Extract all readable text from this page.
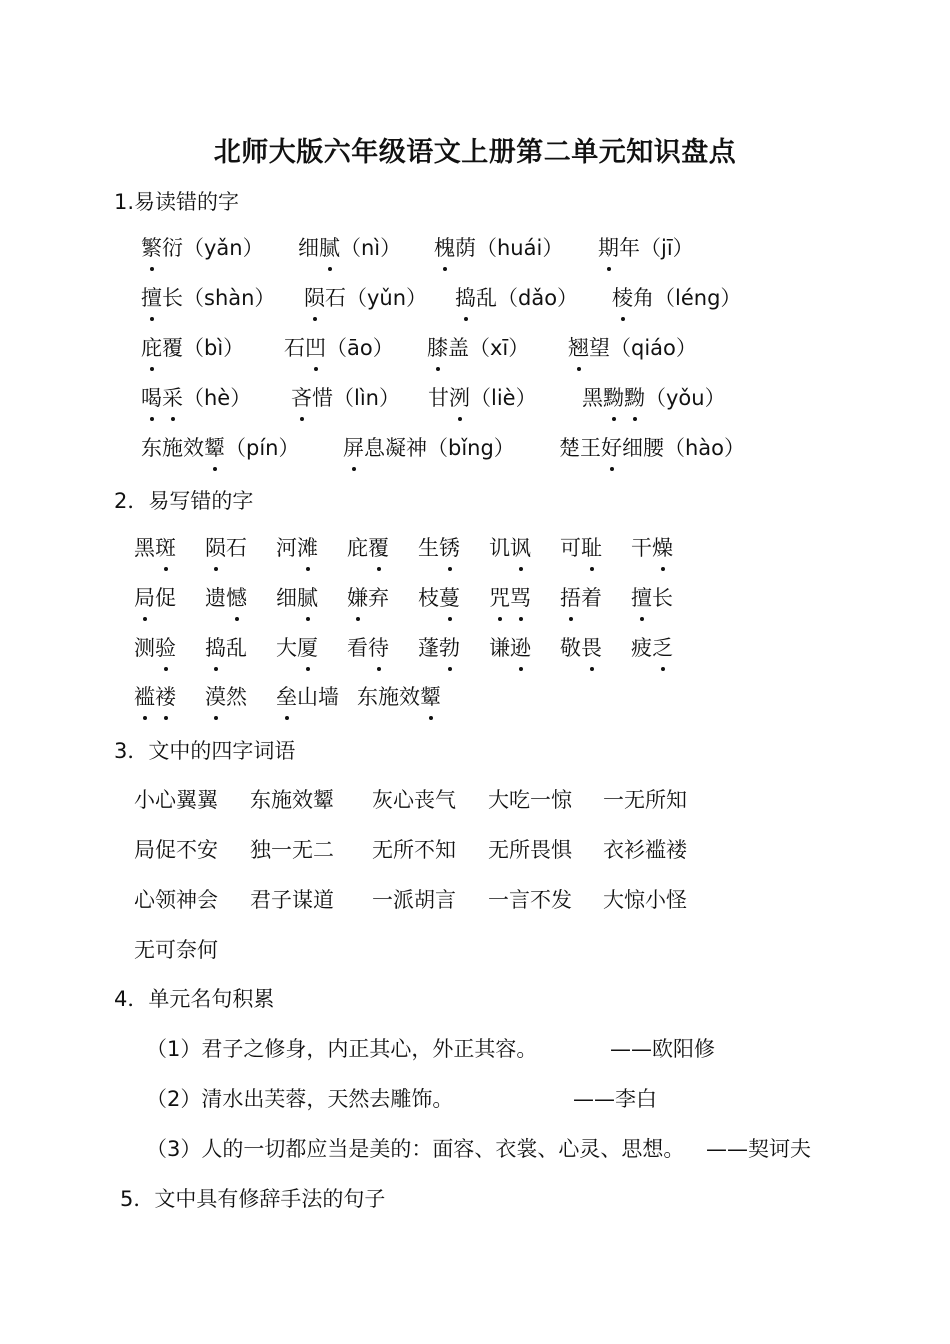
北师大版六年级语文上册第二单元知识盘点
1.易读错的字
繁衍（yǎn） 细腻（nì） 槐荫（huái） 期年（jī）
擅长（shàn） 陨石（yǔn） 捣乱（dǎo） 棱角（léng）
庇覆（bì） 石凹（āo） 膝盖（xī） 翘望（qiáo）
喝采（hè） 吝惜（lìn） 甘洌（liè） 黑黝黝（yǒu）
东施效颦（pín） 屏息凝神（bǐng） 楚王好细腰（hào）
2．易写错的字
黑斑 陨石 河滩 庇覆 生锈 讥讽 可耻 干燥
局促 遗憾 细腻 嫌弃 枝蔓 咒骂 捂着 擅长
测验 捣乱 大厦 看待 蓬勃 谦逊 敬畏 疲乏
褴褛 漠然 垒山墙 东施效颦
3．文中的四字词语
小心翼翼 东施效颦 灰心丧气 大吃一惊 一无所知
局促不安 独一无二 无所不知 无所畏惧 衣衫褴褛
心领神会 君子谋道 一派胡言 一言不发 大惊小怪
无可奈何
4．单元名句积累
（1）君子之修身，内正其心，外正其容。	——欧阳修
（2）清水出芙蓉，天然去雕饰。	——李白
（3）人的一切都应当是美的：面容、衣裳、心灵、思想。 ——契诃夫
5．文中具有修辞手法的句子
